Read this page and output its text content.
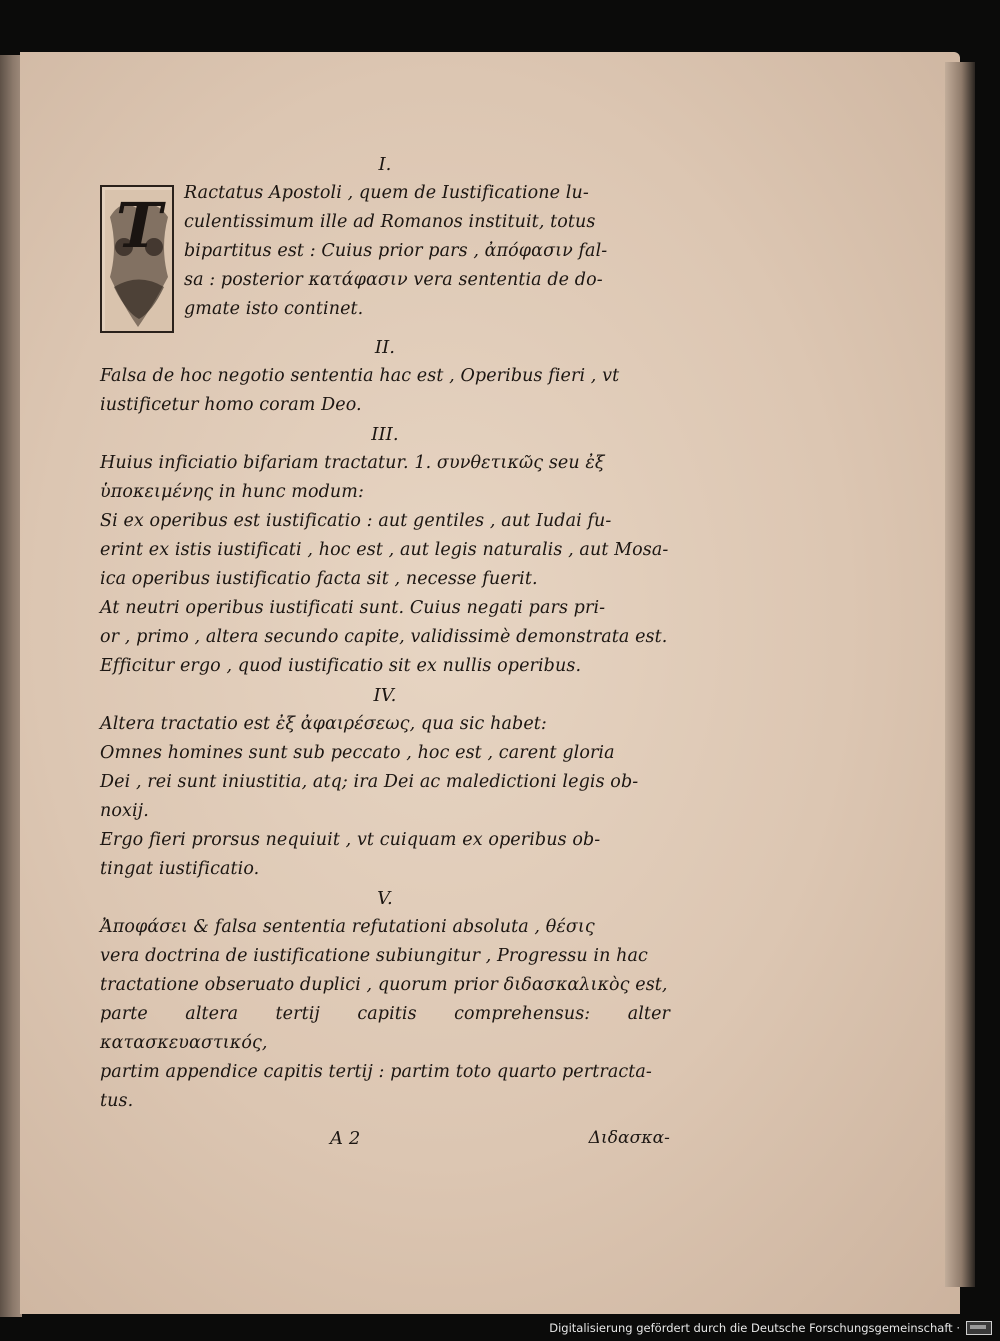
I.

T Ractatus Apostoli , quem de Iustificatione lu-

culentissimum ille ad Romanos instituit, totus

bipartitus est : Cuius prior pars , ἀπόφασιν fal-

sa : posterior κατάφασιν vera sententia de do-

gmate isto continet.

II.

Falsa de hoc negotio sententia hac est , Operibus fieri , vt

iustificetur homo coram Deo.

III.

Huius inficiatio bifariam tractatur. 1. συνθετικῶς seu ἐξ

ὑποκειμένης in hunc modum:

Si ex operibus est iustificatio : aut gentiles , aut Iudai fu-

erint ex istis iustificati , hoc est , aut legis naturalis , aut Mosa-

ica operibus iustificatio facta sit , necesse fuerit.

At neutri operibus iustificati sunt. Cuius negati pars pri-

or , primo , altera secundo capite, validissimè demonstrata est.

Efficitur ergo , quod iustificatio sit ex nullis operibus.

IV.

Altera tractatio est ἐξ ἀφαιρέσεως, qua sic habet:

Omnes homines sunt sub peccato , hoc est , carent gloria

Dei , rei sunt iniustitia, atq; ira Dei ac maledictioni legis ob-

noxij.

Ergo fieri prorsus nequiuit , vt cuiquam ex operibus ob-

tingat iustificatio.

V.

Ἀποφάσει & falsa sententia refutationi absoluta , θέσις

vera doctrina de iustificatione subiungitur , Progressu in hac

tractatione obseruato duplici , quorum prior διδασκαλικὸς est,

parte altera tertij capitis comprehensus: alter κατασκευαστικός,

partim appendice capitis tertij : partim toto quarto pertracta-

tus.

A 2	Διδασκα-
Digitalisierung gefördert durch die Deutsche Forschungsgemeinschaft ·
